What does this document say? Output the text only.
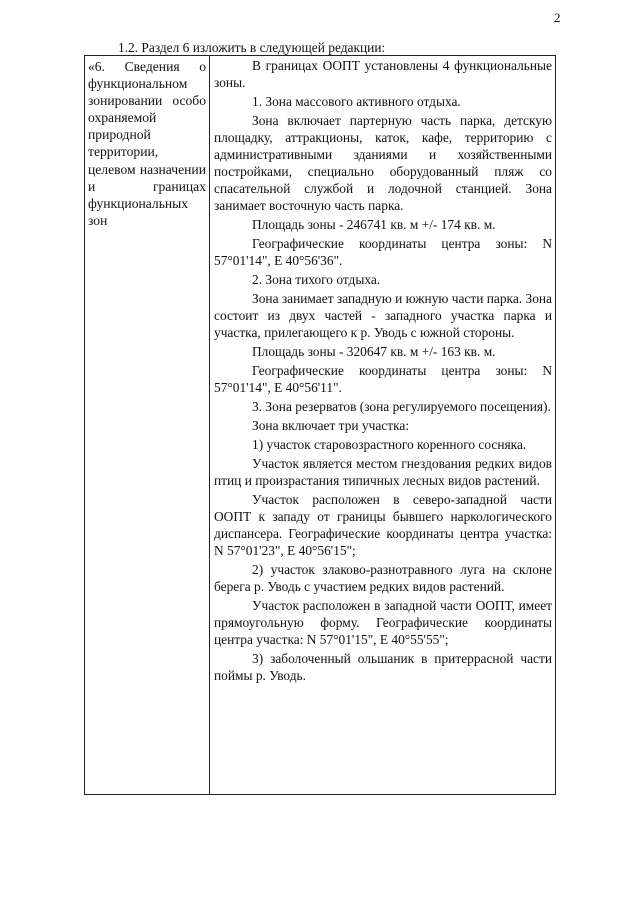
2
1.2. Раздел 6 изложить в следующей редакции:
«6. Сведения о функциональном зонировании особо охраняемой природной территории, целевом назначении и границах функциональных зон

В границах ООПТ установлены 4 функциональные зоны.

1. Зона массового активного отдыха.

Зона включает партерную часть парка, детскую площадку, аттракционы, каток, кафе, территорию с административными зданиями и хозяйственными постройками, специально оборудованный пляж со спасательной службой и лодочной станцией. Зона занимает восточную часть парка.

Площадь зоны - 246741 кв. м +/- 174 кв. м.

Географические координаты центра зоны: N 57°01'14", E 40°56'36".

2. Зона тихого отдыха.

Зона занимает западную и южную части парка. Зона состоит из двух частей - западного участка парка и участка, прилегающего к р. Уводь с южной стороны.

Площадь зоны - 320647 кв. м +/- 163 кв. м.

Географические координаты центра зоны: N 57°01'14", E 40°56'11".

3. Зона резерватов (зона регулируемого посещения).

Зона включает три участка:

1) участок старовозрастного коренного сосняка.

Участок является местом гнездования редких видов птиц и произрастания типичных лесных видов растений.

Участок расположен в северо-западной части ООПТ к западу от границы бывшего наркологического диспансера. Географические координаты центра участка: N 57°01'23", E 40°56'15";

2) участок злаково-разнотравного луга на склоне берега р. Уводь с участием редких видов растений.

Участок расположен в западной части ООПТ, имеет прямоугольную форму. Географические координаты центра участка: N 57°01'15", E 40°55'55";

3) заболоченный ольшаник в притеррасной части поймы р. Уводь.
